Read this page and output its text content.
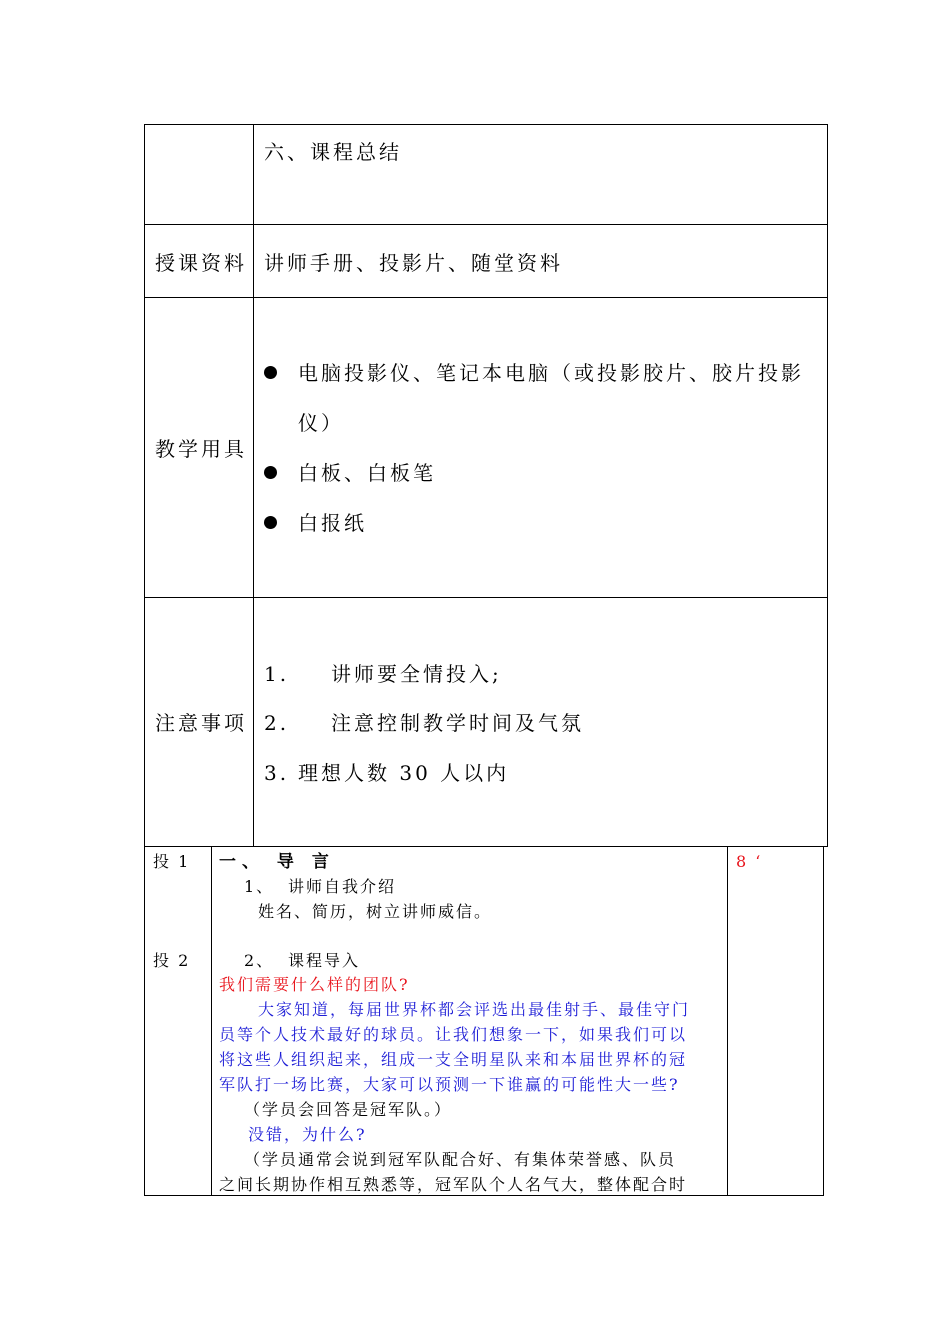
六、课程总结
授课资料 讲师手册、投影片、随堂资料
教学用具
电脑投影仪、笔记本电脑（或投影胶片、胶片投影
仪）
白板、白板笔
白报纸
注意事项
1. 讲师要全情投入;
2. 注意控制教学时间及气氛
3. 理想人数 30 人以内
投 1
投 2
一、 导 言
1、 讲师自我介绍
姓名、简历，树立讲师威信。
2、 课程导入
我们需要什么样的团队?
大家知道，每届世界杯都会评选出最佳射手、最佳守门
员等个人技术最好的球员。让我们想象一下，如果我们可以
将这些人组织起来，组成一支全明星队来和本届世界杯的冠
军队打一场比赛，大家可以预测一下谁赢的可能性大一些?
（学员会回答是冠军队。）
没错，为什么?
（学员通常会说到冠军队配合好、有集体荣誉感、队员
之间长期协作相互熟悉等，冠军队个人名气大，整体配合时
8 ‘
